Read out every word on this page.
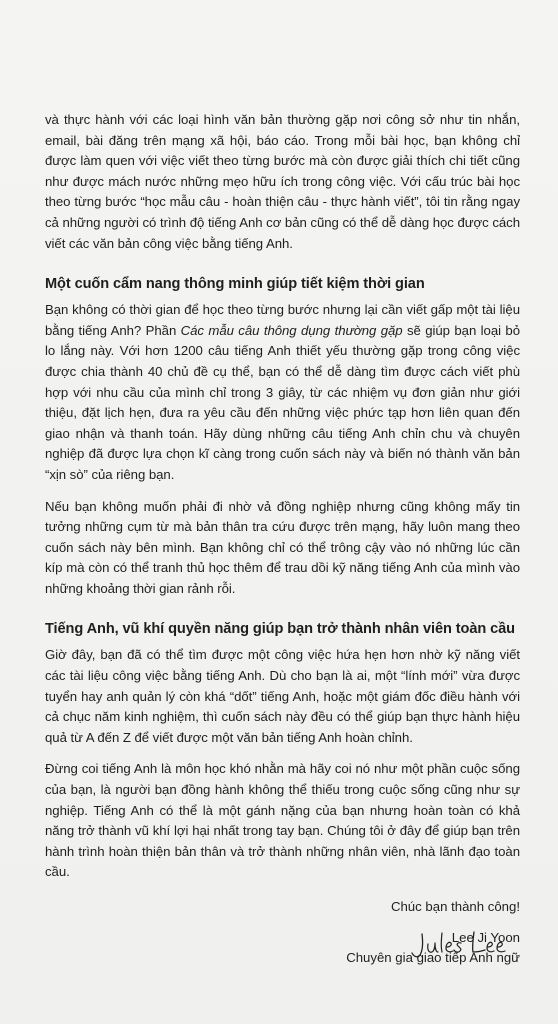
và thực hành với các loại hình văn bản thường gặp nơi công sở như tin nhắn, email, bài đăng trên mạng xã hội, báo cáo. Trong mỗi bài học, bạn không chỉ được làm quen với việc viết theo từng bước mà còn được giải thích chi tiết cũng như được mách nước những mẹo hữu ích trong công việc. Với cấu trúc bài học theo từng bước “học mẫu câu - hoàn thiện câu - thực hành viết”, tôi tin rằng ngay cả những người có trình độ tiếng Anh cơ bản cũng có thể dễ dàng học được cách viết các văn bản công việc bằng tiếng Anh.

Một cuốn cẩm nang thông minh giúp tiết kiệm thời gian

Bạn không có thời gian để học theo từng bước nhưng lại cần viết gấp một tài liệu bằng tiếng Anh? Phần Các mẫu câu thông dụng thường gặp sẽ giúp bạn loại bỏ lo lắng này. Với hơn 1200 câu tiếng Anh thiết yếu thường gặp trong công việc được chia thành 40 chủ đề cụ thể, bạn có thể dễ dàng tìm được cách viết phù hợp với nhu cầu của mình chỉ trong 3 giây, từ các nhiệm vụ đơn giản như giới thiệu, đặt lịch hẹn, đưa ra yêu cầu đến những việc phức tạp hơn liên quan đến giao nhận và thanh toán. Hãy dùng những câu tiếng Anh chỉn chu và chuyên nghiệp đã được lựa chọn kĩ càng trong cuốn sách này và biến nó thành văn bản “xịn sò” của riêng bạn.

Nếu bạn không muốn phải đi nhờ vả đồng nghiệp nhưng cũng không mấy tin tưởng những cụm từ mà bản thân tra cứu được trên mạng, hãy luôn mang theo cuốn sách này bên mình. Bạn không chỉ có thể trông cậy vào nó những lúc cần kíp mà còn có thể tranh thủ học thêm để trau dồi kỹ năng tiếng Anh của mình vào những khoảng thời gian rảnh rỗi.

Tiếng Anh, vũ khí quyền năng giúp bạn trở thành nhân viên toàn cầu

Giờ đây, bạn đã có thể tìm được một công việc hứa hẹn hơn nhờ kỹ năng viết các tài liệu công việc bằng tiếng Anh. Dù cho bạn là ai, một “lính mới” vừa được tuyển hay anh quản lý còn khá “dốt” tiếng Anh, hoặc một giám đốc điều hành với cả chục năm kinh nghiệm, thì cuốn sách này đều có thể giúp bạn thực hành hiệu quả từ A đến Z để viết được một văn bản tiếng Anh hoàn chỉnh.

Đừng coi tiếng Anh là môn học khó nhằn mà hãy coi nó như một phần cuộc sống của bạn, là người bạn đồng hành không thể thiếu trong cuộc sống cũng như sự nghiệp. Tiếng Anh có thể là một gánh nặng của bạn nhưng hoàn toàn có khả năng trở thành vũ khí lợi hại nhất trong tay bạn. Chúng tôi ở đây để giúp bạn trên hành trình hoàn thiện bản thân và trở thành những nhân viên, nhà lãnh đạo toàn cầu.

Chúc bạn thành công!
Lee Ji Yoon
Chuyên gia giao tiếp Anh ngữ
